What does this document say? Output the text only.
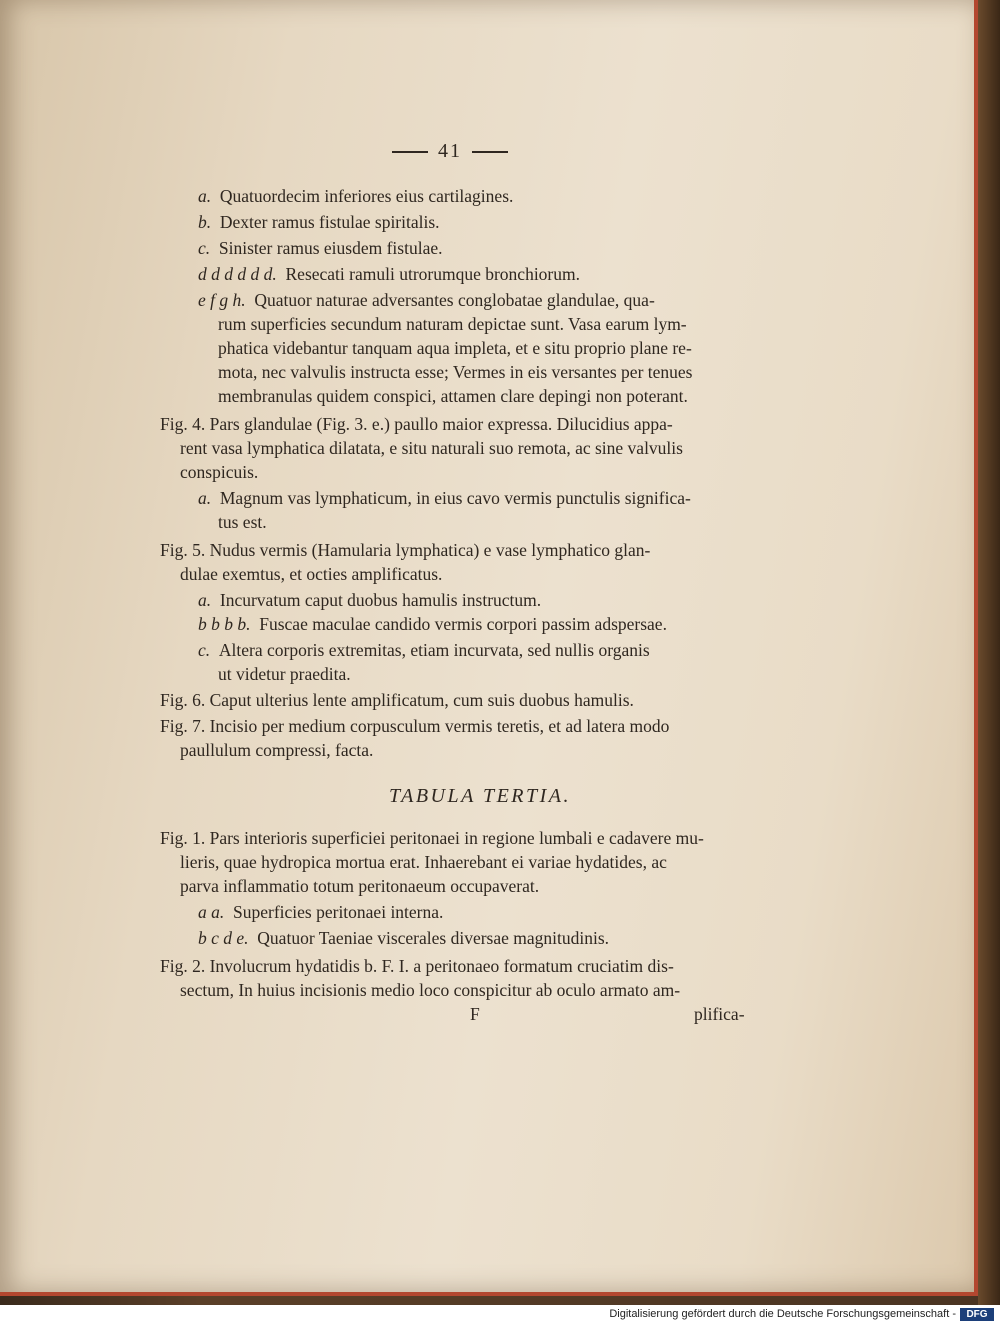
41
a. Quatuordecim inferiores eius cartilagines.
b. Dexter ramus fistulae spiritalis.
c. Sinister ramus eiusdem fistulae.
d d d d d d. Resecati ramuli utrorumque bronchiorum.
e f g h. Quatuor naturae adversantes conglobatae glandulae, qua-
rum superficies secundum naturam depictae sunt. Vasa earum lym-
phatica videbantur tanquam aqua impleta, et e situ proprio plane re-
mota, nec valvulis instructa esse; Vermes in eis versantes per tenues
membranulas quidem conspici, attamen clare depingi non poterant.
Fig. 4. Pars glandulae (Fig. 3. e.) paullo maior expressa. Dilucidius appa-
rent vasa lymphatica dilatata, e situ naturali suo remota, ac sine valvulis
conspicuis.
a. Magnum vas lymphaticum, in eius cavo vermis punctulis significa-
tus est.
Fig. 5. Nudus vermis (Hamularia lymphatica) e vase lymphatico glan-
dulae exemtus, et octies amplificatus.
a. Incurvatum caput duobus hamulis instructum.
b b b b. Fuscae maculae candido vermis corpori passim adspersae.
c. Altera corporis extremitas, etiam incurvata, sed nullis organis
ut videtur praedita.
Fig. 6. Caput ulterius lente amplificatum, cum suis duobus hamulis.
Fig. 7. Incisio per medium corpusculum vermis teretis, et ad latera modo
paullulum compressi, facta.
TABULA TERTIA.
Fig. 1. Pars interioris superficiei peritonaei in regione lumbali e cadavere mu-
lieris, quae hydropica mortua erat. Inhaerebant ei variae hydatides, ac
parva inflammatio totum peritonaeum occupaverat.
a a. Superficies peritonaei interna.
b c d e. Quatuor Taeniae viscerales diversae magnitudinis.
Fig. 2. Involucrum hydatidis b. F. I. a peritonaeo formatum cruciatim dis-
sectum, In huius incisionis medio loco conspicitur ab oculo armato am-
F	plifica-
Digitalisierung gefördert durch die Deutsche Forschungsgemeinschaft -	DFG
